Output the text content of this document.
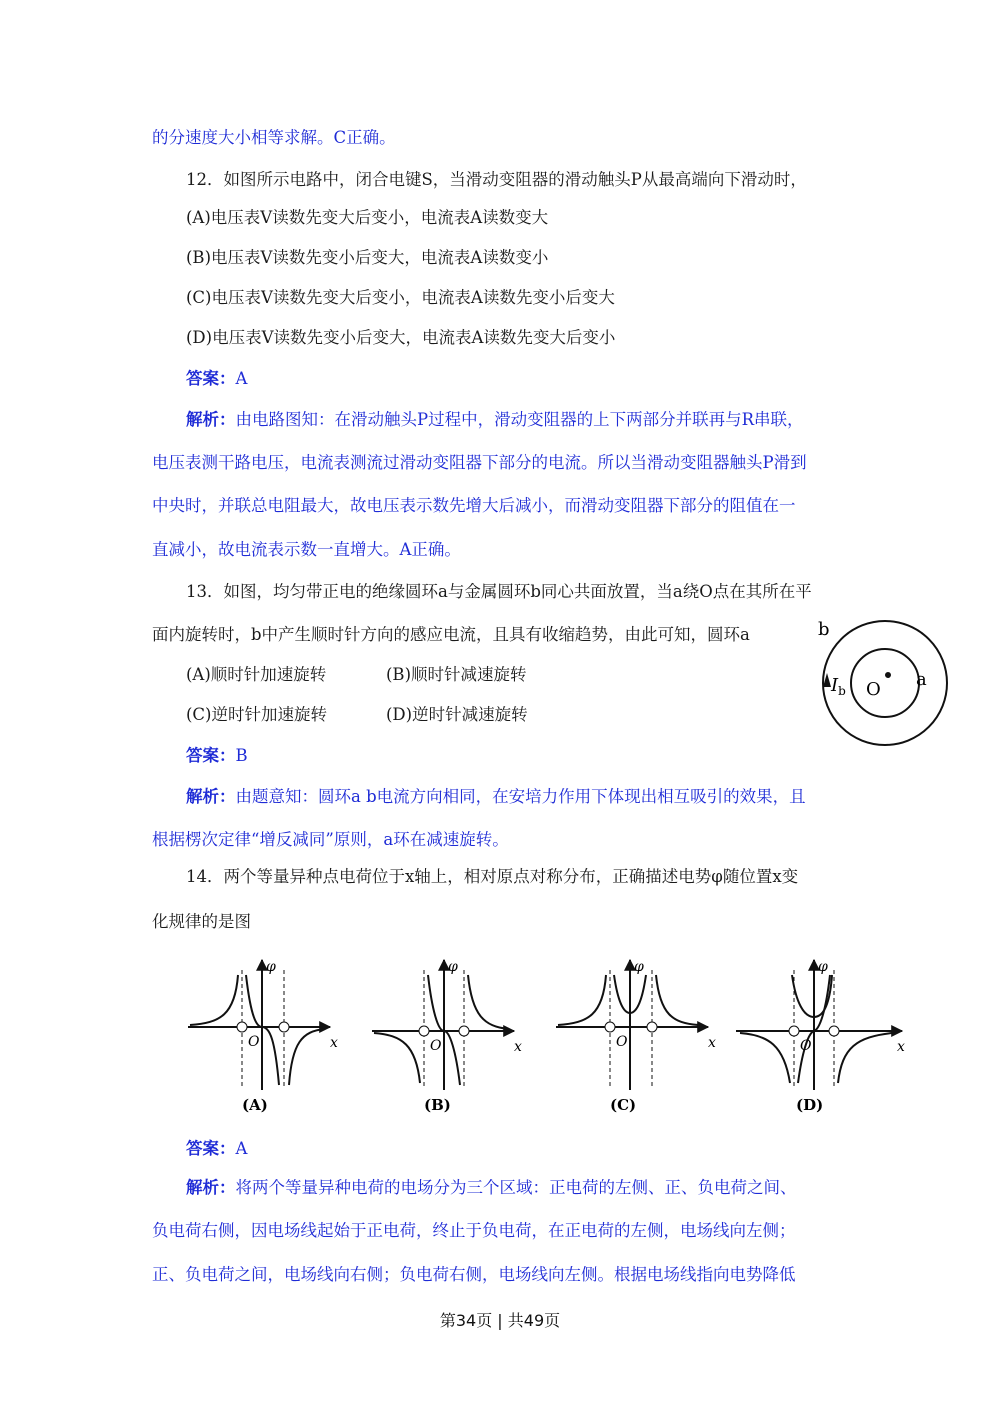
的分速度大小相等求解。C正确。
12．如图所示电路中，闭合电键S，当滑动变阻器的滑动触头P从最高端向下滑动时，
(A)电压表V读数先变大后变小，电流表A读数变大
(B)电压表V读数先变小后变大，电流表A读数变小
(C)电压表V读数先变大后变小，电流表A读数先变小后变大
(D)电压表V读数先变小后变大，电流表A读数先变大后变小
答案：A
解析：由电路图知：在滑动触头P过程中，滑动变阻器的上下两部分并联再与R串联，
电压表测干路电压，电流表测流过滑动变阻器下部分的电流。所以当滑动变阻器触头P滑到
中央时，并联总电阻最大，故电压表示数先增大后减小，而滑动变阻器下部分的阻值在一
直减小，故电流表示数一直增大。A正确。
13．如图，均匀带正电的绝缘圆环a与金属圆环b同心共面放置，当a绕O点在其所在平
面内旋转时，b中产生顺时针方向的感应电流，且具有收缩趋势，由此可知，圆环a
(A)顺时针加速旋转	(B)顺时针减速旋转
(C)逆时针加速旋转	(D)逆时针减速旋转
答案：B
解析：由题意知：圆环a b电流方向相同，在安培力作用下体现出相互吸引的效果，且
根据楞次定律“增反减同”原则，a环在减速旋转。
b
a
O
$I_b$
14．两个等量异种点电荷位于x轴上，相对原点对称分布，正确描述电势φ随位置x变
化规律的是图
φ
x
O
(A)
φ
x
O
(B)
φ
x
O
(C)
φ
x
O
(D)
答案：A
解析：将两个等量异种电荷的电场分为三个区域：正电荷的左侧、正、负电荷之间、
负电荷右侧，因电场线起始于正电荷，终止于负电荷，在正电荷的左侧，电场线向左侧；
正、负电荷之间，电场线向右侧；负电荷右侧，电场线向左侧。根据电场线指向电势降低
第34页 | 共49页
